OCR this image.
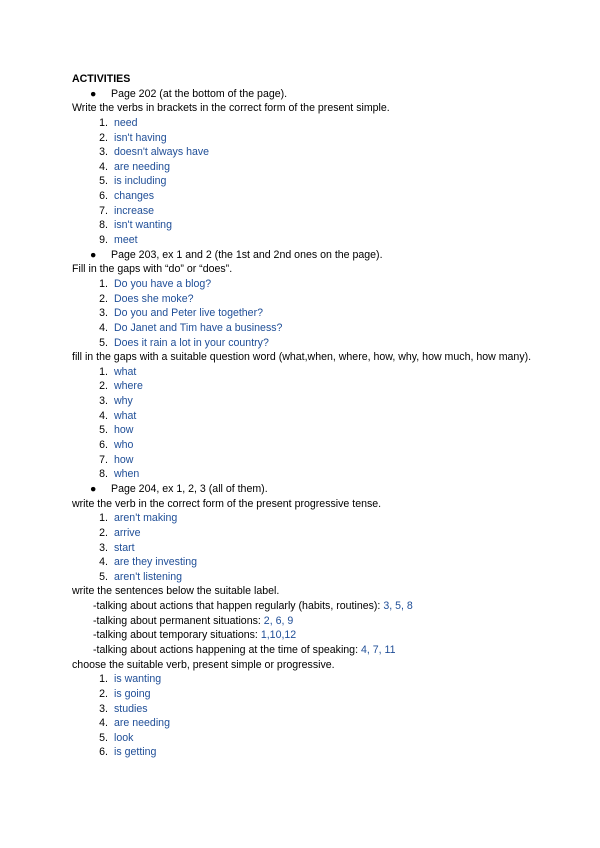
ACTIVITIES
● Page 202 (at the bottom of the page).
Write the verbs in brackets in the correct form of the present simple.
1. need
2. isn't having
3. doesn't always have
4. are needing
5. is including
6. changes
7. increase
8. isn't wanting
9. meet
● Page 203, ex 1 and 2 (the 1st and 2nd ones on the page).
Fill in the gaps with “do” or “does”.
1. Do you have a blog?
2. Does she moke?
3. Do you and Peter live together?
4. Do Janet and Tim have a business?
5. Does it rain a lot in your country?
fill in the gaps with a suitable question word (what,when, where, how, why, how much, how many).
1. what
2. where
3. why
4. what
5. how
6. who
7. how
8. when
● Page 204, ex 1, 2, 3 (all of them).
write the verb in the correct form of the present progressive tense.
1. aren't making
2. arrive
3. start
4. are they investing
5. aren't listening
write the sentences below the suitable label.
-talking about actions that happen regularly (habits, routines): 3, 5, 8
-talking about permanent situations: 2, 6, 9
-talking about temporary situations: 1,10,12
-talking about actions happening at the time of speaking: 4, 7, 11
choose the suitable verb, present simple or progressive.
1. is wanting
2. is going
3. studies
4. are needing
5. look
6. is getting
